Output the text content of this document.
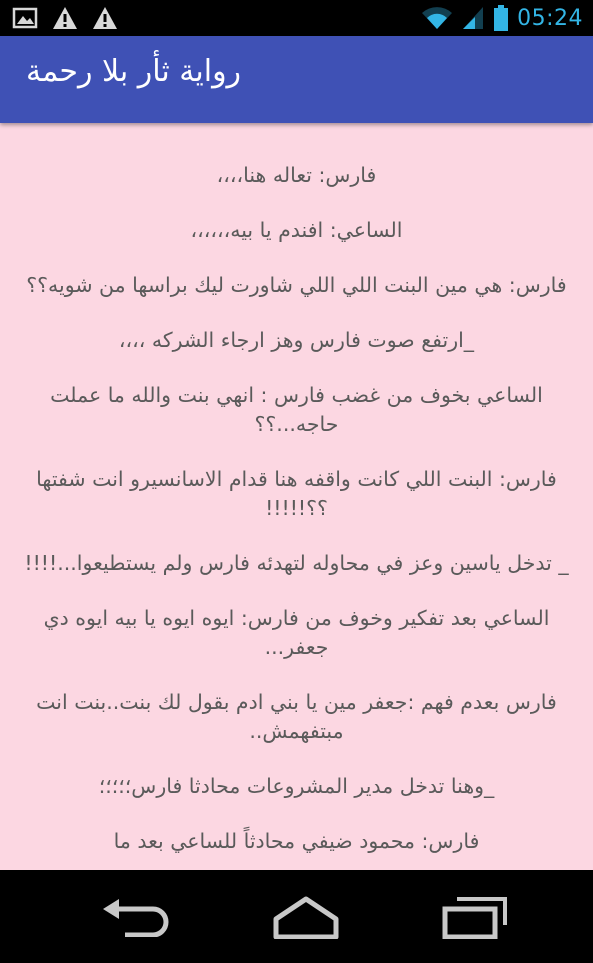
05:24
رواية ثأر بلا رحمة

فارس: تعاله هنا،،،،

الساعي: افندم يا بيه،،،،،،

فارس: هي مين البنت اللي اللي شاورت ليك براسها من شويه؟؟

_ارتفع صوت فارس وهز ارجاء الشركه ،،،،

الساعي بخوف من غضب فارس : انهي بنت والله ما عملت حاجه...؟؟

فارس: البنت اللي كانت واقفه هنا قدام الاسانسيرو انت شفتها ؟؟!!!!!

_ تدخل ياسين وعز في محاوله لتهدئه فارس ولم يستطيعوا...!!!!

الساعي بعد تفكير وخوف من فارس: ايوه ايوه يا بيه ايوه دي جعفر...

فارس بعدم فهم :جعفر مين يا بني ادم بقول لك بنت..بنت انت مبتفهمش..

_وهنا تدخل مدير المشروعات محادثا فارس؛؛؛؛؛

فارس: محمود ضيفي محادثاً للساعي بعد ما
